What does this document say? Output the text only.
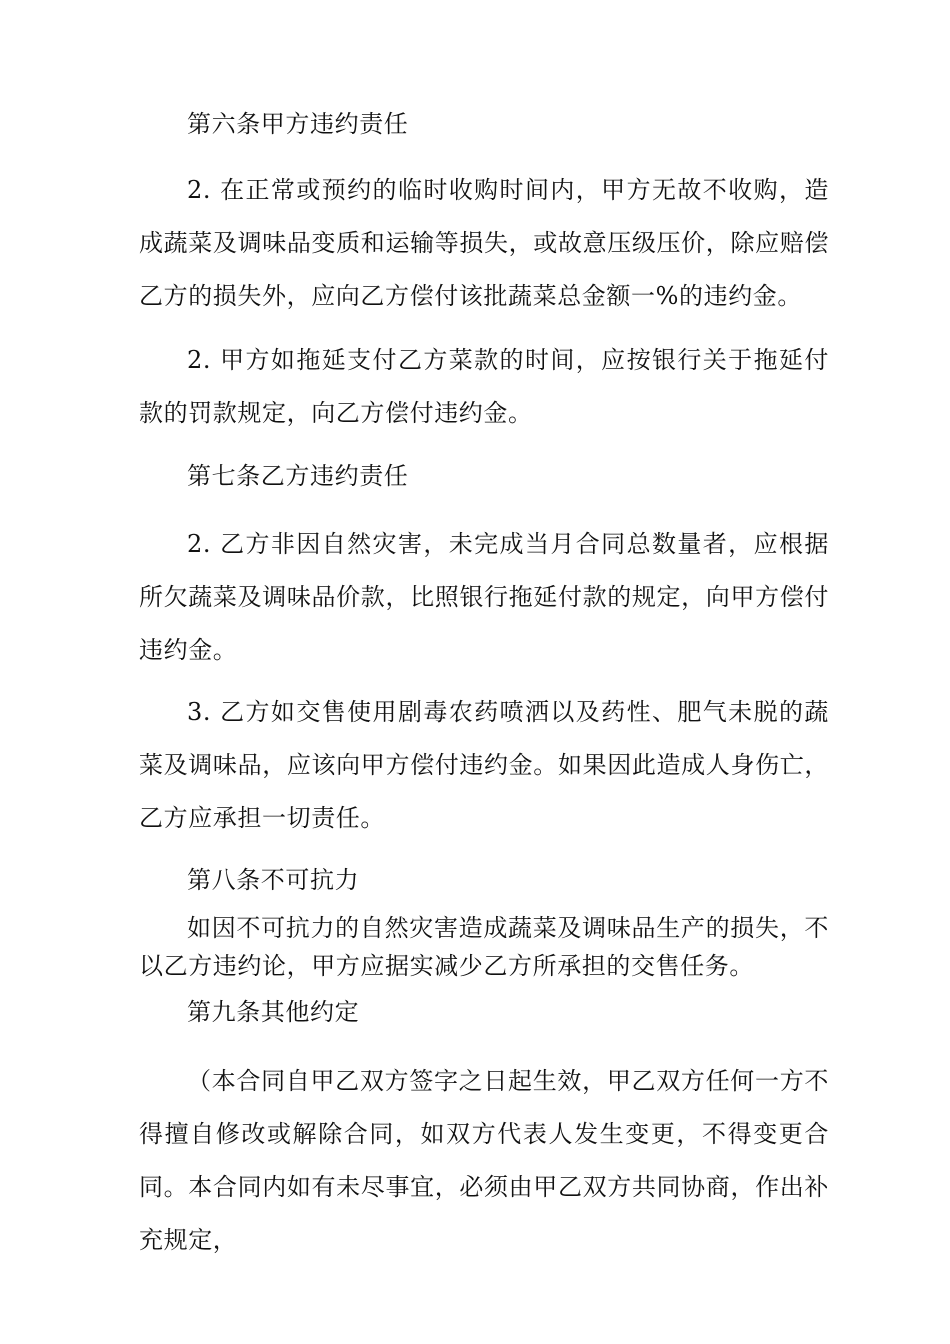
第六条甲方违约责任

2. 在正常或预约的临时收购时间内，甲方无故不收购，造成蔬菜及调味品变质和运输等损失，或故意压级压价，除应赔偿乙方的损失外，应向乙方偿付该批蔬菜总金额一%的违约金。

2. 甲方如拖延支付乙方菜款的时间，应按银行关于拖延付款的罚款规定，向乙方偿付违约金。

第七条乙方违约责任

2. 乙方非因自然灾害，未完成当月合同总数量者，应根据所欠蔬菜及调味品价款，比照银行拖延付款的规定，向甲方偿付违约金。

3. 乙方如交售使用剧毒农药喷洒以及药性、肥气未脱的蔬菜及调味品，应该向甲方偿付违约金。如果因此造成人身伤亡，乙方应承担一切责任。

第八条不可抗力

如因不可抗力的自然灾害造成蔬菜及调味品生产的损失，不以乙方违约论，甲方应据实减少乙方所承担的交售任务。

第九条其他约定

（本合同自甲乙双方签字之日起生效，甲乙双方任何一方不得擅自修改或解除合同，如双方代表人发生变更，不得变更合同。本合同内如有未尽事宜，必须由甲乙双方共同协商，作出补充规定，
